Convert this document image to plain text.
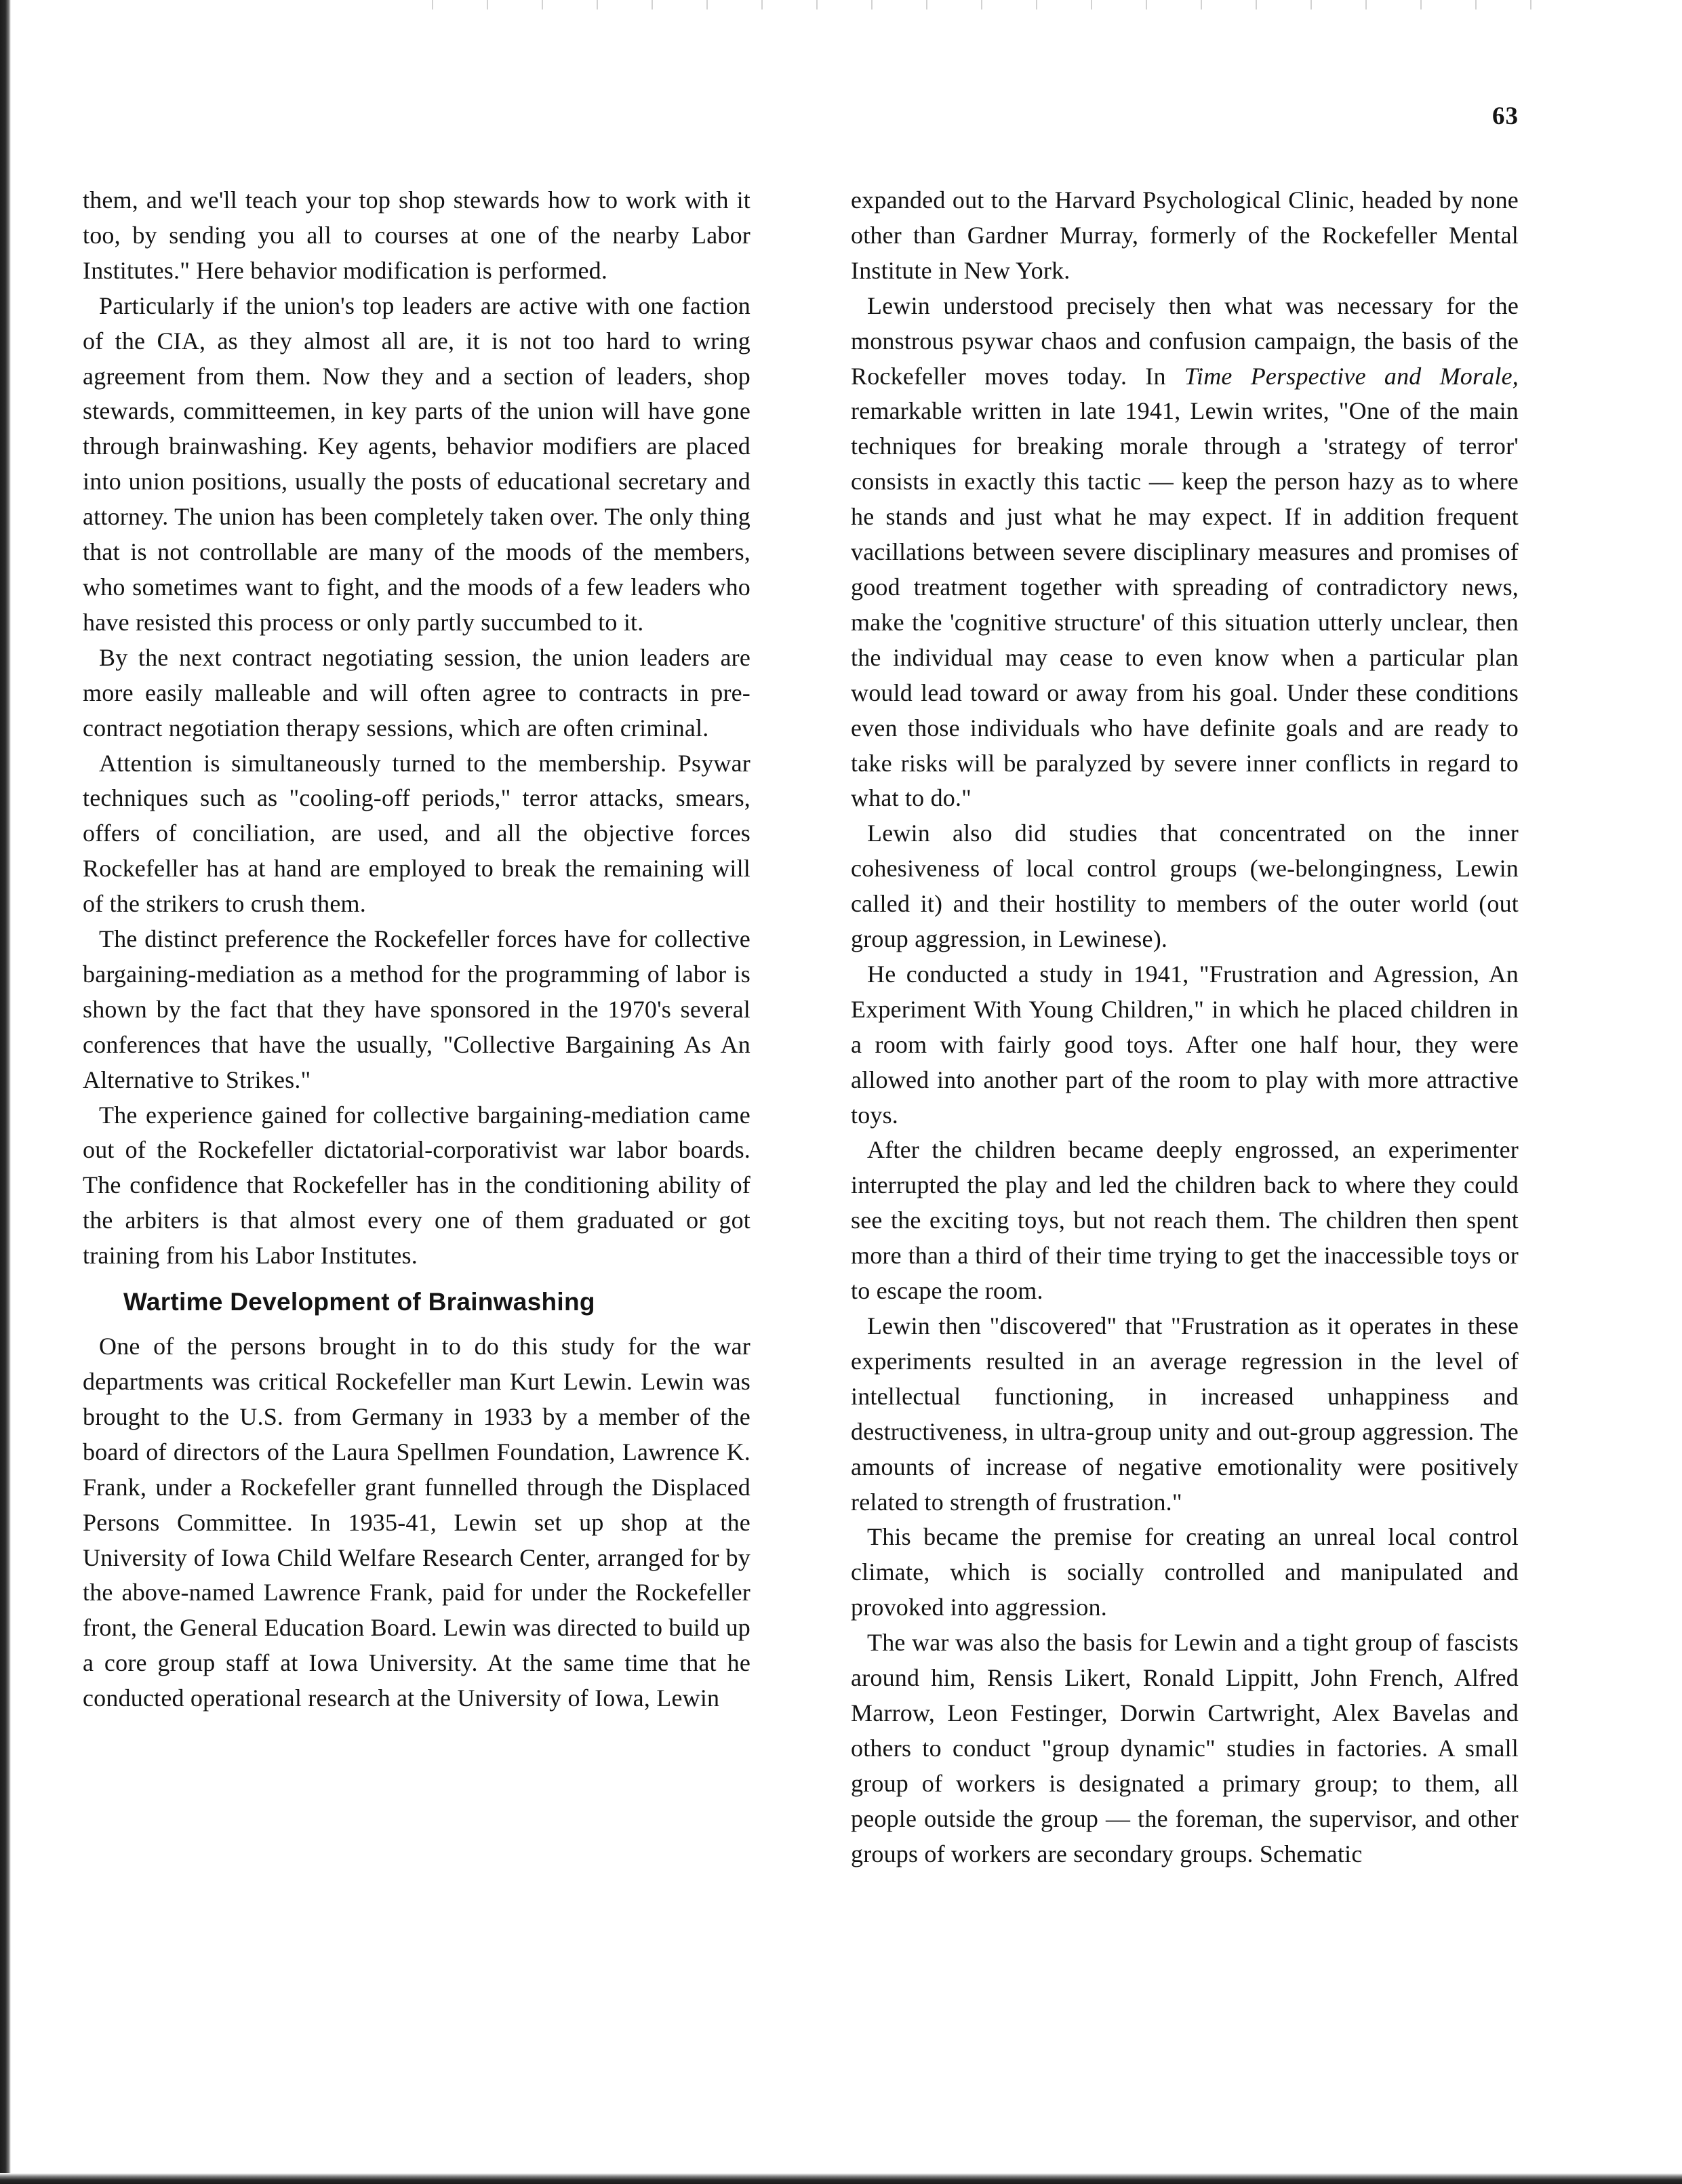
63

them, and we'll teach your top shop stewards how to work with it too, by sending you all to courses at one of the nearby Labor Institutes." Here behavior modification is performed.

Particularly if the union's top leaders are active with one faction of the CIA, as they almost all are, it is not too hard to wring agreement from them. Now they and a section of leaders, shop stewards, committeemen, in key parts of the union will have gone through brainwashing. Key agents, behavior modifiers are placed into union positions, usually the posts of educational secretary and attorney. The union has been completely taken over. The only thing that is not controllable are many of the moods of the members, who sometimes want to fight, and the moods of a few leaders who have resisted this process or only partly succumbed to it.

By the next contract negotiating session, the union leaders are more easily malleable and will often agree to contracts in pre-contract negotiation therapy sessions, which are often criminal.

Attention is simultaneously turned to the membership. Psywar techniques such as "cooling-off periods," terror attacks, smears, offers of conciliation, are used, and all the objective forces Rockefeller has at hand are employed to break the remaining will of the strikers to crush them.

The distinct preference the Rockefeller forces have for collective bargaining-mediation as a method for the programming of labor is shown by the fact that they have sponsored in the 1970's several conferences that have the usually, "Collective Bargaining As An Alternative to Strikes."

The experience gained for collective bargaining-mediation came out of the Rockefeller dictatorial-corporativist war labor boards. The confidence that Rockefeller has in the conditioning ability of the arbiters is that almost every one of them graduated or got training from his Labor Institutes.

Wartime Development of Brainwashing

One of the persons brought in to do this study for the war departments was critical Rockefeller man Kurt Lewin. Lewin was brought to the U.S. from Germany in 1933 by a member of the board of directors of the Laura Spellmen Foundation, Lawrence K. Frank, under a Rockefeller grant funnelled through the Displaced Persons Committee. In 1935-41, Lewin set up shop at the University of Iowa Child Welfare Research Center, arranged for by the above-named Lawrence Frank, paid for under the Rockefeller front, the General Education Board. Lewin was directed to build up a core group staff at Iowa University. At the same time that he conducted operational research at the University of Iowa, Lewin

expanded out to the Harvard Psychological Clinic, headed by none other than Gardner Murray, formerly of the Rockefeller Mental Institute in New York.

Lewin understood precisely then what was necessary for the monstrous psywar chaos and confusion campaign, the basis of the Rockefeller moves today. In Time Perspective and Morale, remarkable written in late 1941, Lewin writes, "One of the main techniques for breaking morale through a 'strategy of terror' consists in exactly this tactic — keep the person hazy as to where he stands and just what he may expect. If in addition frequent vacillations between severe disciplinary measures and promises of good treatment together with spreading of contradictory news, make the 'cognitive structure' of this situation utterly unclear, then the individual may cease to even know when a particular plan would lead toward or away from his goal. Under these conditions even those individuals who have definite goals and are ready to take risks will be paralyzed by severe inner conflicts in regard to what to do."

Lewin also did studies that concentrated on the inner cohesiveness of local control groups (we-belongingness, Lewin called it) and their hostility to members of the outer world (out group aggression, in Lewinese).

He conducted a study in 1941, "Frustration and Agression, An Experiment With Young Children," in which he placed children in a room with fairly good toys. After one half hour, they were allowed into another part of the room to play with more attractive toys.

After the children became deeply engrossed, an experimenter interrupted the play and led the children back to where they could see the exciting toys, but not reach them. The children then spent more than a third of their time trying to get the inaccessible toys or to escape the room.

Lewin then "discovered" that "Frustration as it operates in these experiments resulted in an average regression in the level of intellectual functioning, in increased unhappiness and destructiveness, in ultra-group unity and out-group aggression. The amounts of increase of negative emotionality were positively related to strength of frustration."

This became the premise for creating an unreal local control climate, which is socially controlled and manipulated and provoked into aggression.

The war was also the basis for Lewin and a tight group of fascists around him, Rensis Likert, Ronald Lippitt, John French, Alfred Marrow, Leon Festinger, Dorwin Cartwright, Alex Bavelas and others to conduct "group dynamic" studies in factories. A small group of workers is designated a primary group; to them, all people outside the group — the foreman, the supervisor, and other groups of workers are secondary groups. Schematic
